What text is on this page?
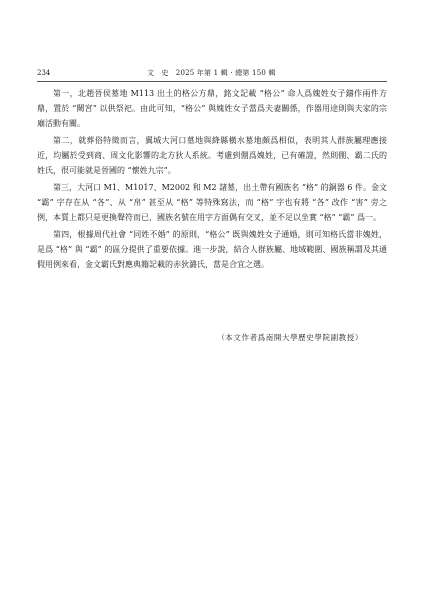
234	文　史　2025 年第 1 輯 · 總第 150 輯

第一，北趙晉侯墓地 M113 出土的格公方鼎，銘文記載 “格公” 命人爲媿姓女子鑄作兩件方鼎，置於 “闕宮” 以供祭祀。由此可知，“格公” 與媿姓女子當爲夫妻關係，作器用途則與夫家的宗廟活動有關。

第二，就葬俗特徵而言，翼城大河口墓地與絳縣橫水墓地頗爲相似，表明其人群族屬理應接近，均屬於受到商、周文化影響的北方狄人系統。考慮到倗爲媿姓，已有確證，然則倗、霸二氏的姓氏，很可能就是晉國的 “懷姓九宗”。

第三，大河口 M1、M1017、M2002 和 M2 諸墓，出土帶有國族名 “格” 的銅器 6 件。金文 “霸” 字存在从 “各”、从 “帛” 甚至从 “格” 等特殊寫法，而 “格” 字也有將 “各” 改作 “害” 旁之例，本質上都只是更換聲符而已，國族名號在用字方面偶有交叉，並不足以坐實 “格” “霸” 爲一。

第四，根據周代社會 “同姓不婚” 的原則，“格公” 既與媿姓女子通婚，則可知格氏當非媿姓，是爲 “格” 與 “霸” 的區分提供了重要依據。進一步說，結合人群族屬、地域範圍、國族稱謂及其通假用例來看，金文霸氏對應典籍記載的赤狄潞氏，當是合宜之選。

（本文作者爲南開大學歷史學院副教授）
